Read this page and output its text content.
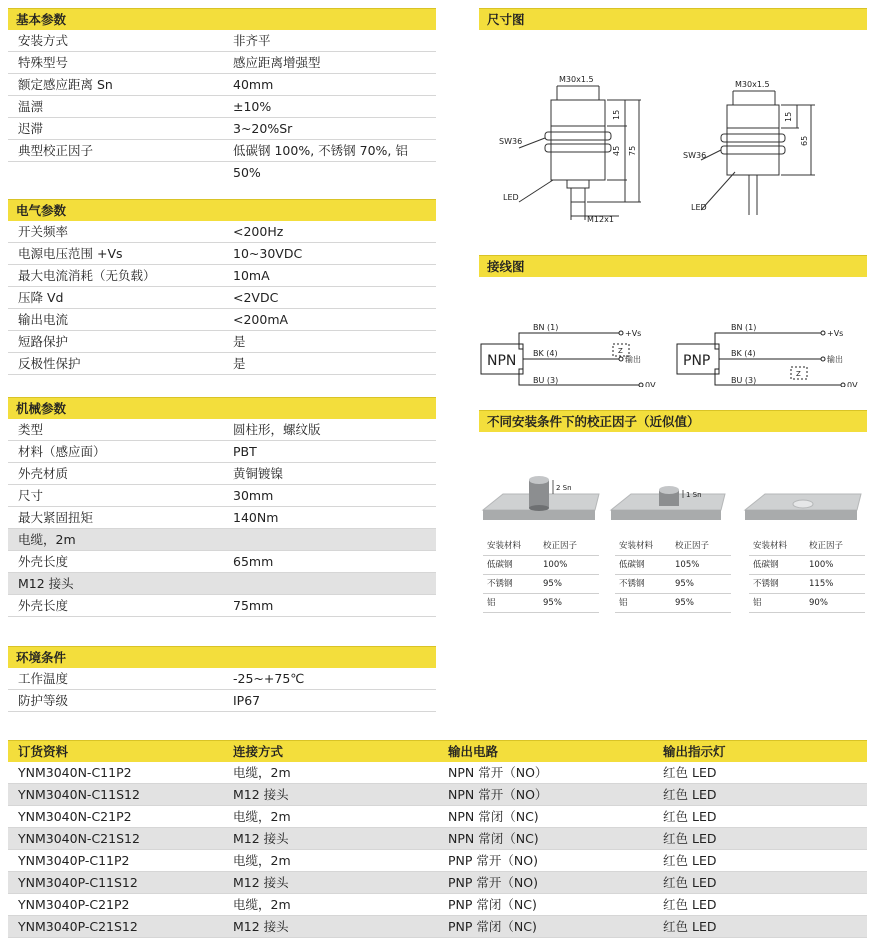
基本参数
安装方式	非齐平
特殊型号	感应距离增强型
额定感应距离 Sn	40mm
温漂	±10%
迟滞	3~20%Sr
典型校正因子	低碳钢 100%, 不锈钢 70%, 铝 50%
电气参数
开关频率	<200Hz
电源电压范围 +Vs	10~30VDC
最大电流消耗（无负载）	10mA
压降 Vd	<2VDC
输出电流	<200mA
短路保护	是
反极性保护	是
机械参数
类型	圆柱形，螺纹版
材料（感应面）	PBT
外壳材质	黄铜镀镍
尺寸	30mm
最大紧固扭矩	140Nm
电缆，2m
外壳长度	65mm
M12 接头
外壳长度	75mm
环境条件
工作温度	-25~+75℃
防护等级	IP67
尺寸图
M30x1.5
SW36
LED
M12x1
15
45 75
M30x1.5
SW36
LED
15
65
接线图
NPN
BN (1)
BK (4)
BU (3)
+Vs
输出
0V
Z
PNP
BN (1)
BK (4)
BU (3)
+Vs
输出
0V
Z
不同安装条件下的校正因子（近似值）
2 Sn
1 Sn
安装材料	校正因子
低碳钢	100%
不锈钢	95%
铝	95%
安装材料	校正因子
低碳钢	105%
不锈钢	95%
铝	95%
安装材料	校正因子
低碳钢	100%
不锈钢	115%
铝	90%
订货资料	连接方式	输出电路	输出指示灯
YNM3040N-C11P2	电缆，2m	NPN 常开（NO）	红色 LED
YNM3040N-C11S12	M12 接头	NPN 常开（NO）	红色 LED
YNM3040N-C21P2	电缆，2m	NPN 常闭（NC)	红色 LED
YNM3040N-C21S12	M12 接头	NPN 常闭（NC)	红色 LED
YNM3040P-C11P2	电缆，2m	PNP 常开（NO)	红色 LED
YNM3040P-C11S12	M12 接头	PNP 常开（NO)	红色 LED
YNM3040P-C21P2	电缆，2m	PNP 常闭（NC)	红色 LED
YNM3040P-C21S12	M12 接头	PNP 常闭（NC)	红色 LED
